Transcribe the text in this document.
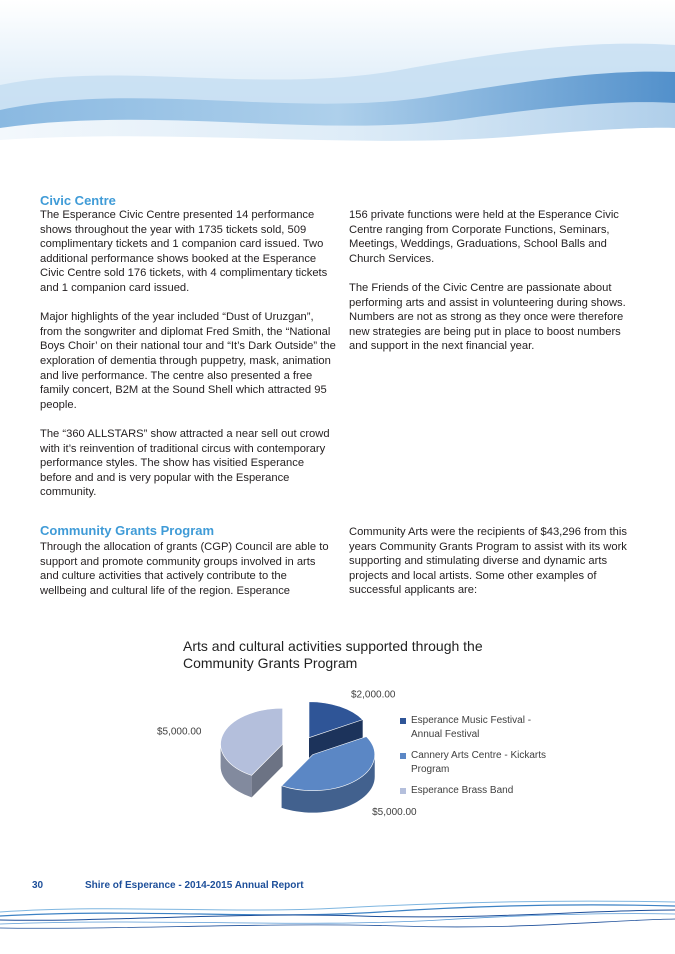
Civic Centre

The Esperance Civic Centre presented 14 performance shows throughout the year with 1735 tickets sold, 509 complimentary tickets and 1 companion card issued. Two additional performance shows booked at the Esperance Civic Centre sold 176 tickets, with 4 complimentary tickets and 1 companion card issued.

Major highlights of the year included “Dust of Uruzgan”, from the songwriter and diplomat Fred Smith, the “National Boys Choir’ on their national tour and “It’s Dark Outside” the exploration of dementia through puppetry, mask, animation and live performance. The centre also presented a free family concert, B2M at the Sound Shell which attracted 95 people.

The “360 ALLSTARS” show attracted a near sell out crowd with it’s reinvention of traditional circus with contemporary performance styles. The show has visitied Esperance before and and is very popular with the Esperance community.

156 private functions were held at the Esperance Civic Centre ranging from Corporate Functions, Seminars, Meetings, Weddings, Graduations, School Balls and Church Services.

The Friends of the Civic Centre are passionate about performing arts and assist in volunteering during shows. Numbers are not as strong as they once were therefore new strategies are being put in place to boost numbers and support in the next financial year.

Community Grants Program

Through the allocation of grants (CGP) Council are able to support and promote community groups involved in arts and culture activities that actively contribute to the wellbeing and cultural life of the region. Esperance

Community Arts were the recipients of $43,296 from this years Community Grants Program to assist with its work supporting and stimulating diverse and dynamic arts projects and local artists. Some other examples of successful applicants are:

Arts and cultural activities supported through the Community Grants Program
$2,000.00
$5,000.00
$5,000.00
Esperance Music Festival - Annual Festival
Cannery Arts Centre - Kickarts Program
Esperance Brass Band
30	Shire of Esperance - 2014-2015 Annual Report
